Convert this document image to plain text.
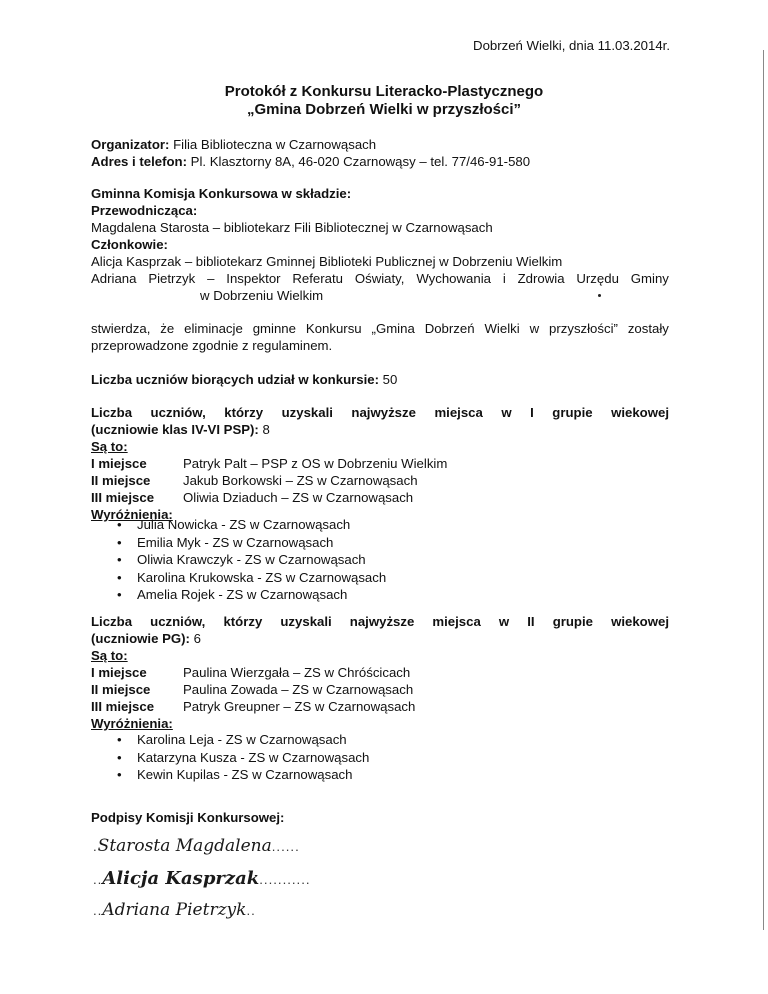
Dobrzeń Wielki, dnia 11.03.2014r.
Protokół z Konkursu Literacko-Plastycznego
„Gmina Dobrzeń Wielki w przyszłości”
Organizator: Filia Biblioteczna w Czarnowąsach
Adres i telefon: Pl. Klasztorny 8A, 46-020 Czarnowąsy – tel. 77/46-91-580
Gminna Komisja Konkursowa w składzie:
Przewodnicząca:
Magdalena Starosta – bibliotekarz Fili Bibliotecznej w Czarnowąsach
Członkowie:
Alicja Kasprzak – bibliotekarz Gminnej Biblioteki Publicznej w Dobrzeniu Wielkim
Adriana Pietrzyk – Inspektor Referatu Oświaty, Wychowania i Zdrowia Urzędu Gminy
w Dobrzeniu Wielkim
stwierdza, że eliminacje gminne Konkursu „Gmina Dobrzeń Wielki w przyszłości” zostały
przeprowadzone zgodnie z regulaminem.
Liczba uczniów biorących udział w konkursie: 50
Liczba uczniów, którzy uzyskali najwyższe miejsca w I grupie wiekowej
(uczniowie klas IV-VI PSP): 8
Są to:
I miejsce	Patryk Palt – PSP z OS w Dobrzeniu Wielkim
II miejsce Jakub Borkowski – ZS w Czarnowąsach
III miejsce Oliwia Dziaduch – ZS w Czarnowąsach
Wyróżnienia:
• Julia Nowicka - ZS w Czarnowąsach
• Emilia Myk - ZS w Czarnowąsach
• Oliwia Krawczyk - ZS w Czarnowąsach
• Karolina Krukowska - ZS w Czarnowąsach
• Amelia Rojek - ZS w Czarnowąsach
Liczba uczniów, którzy uzyskali najwyższe miejsca w II grupie wiekowej
(uczniowie PG): 6
Są to:
I miejsce	Paulina Wierzgała – ZS w Chróścicach
II miejsce Paulina Zowada – ZS w Czarnowąsach
III miejsce Patryk Greupner – ZS w Czarnowąsach
Wyróżnienia:
• Karolina Leja - ZS w Czarnowąsach
• Katarzyna Kusza - ZS w Czarnowąsach
• Kewin Kupilas - ZS w Czarnowąsach
Podpisy Komisji Konkursowej:
.Starosta Magdalena......
..Alicja Kasprzak...........
..Adriana Pietrzyk..
